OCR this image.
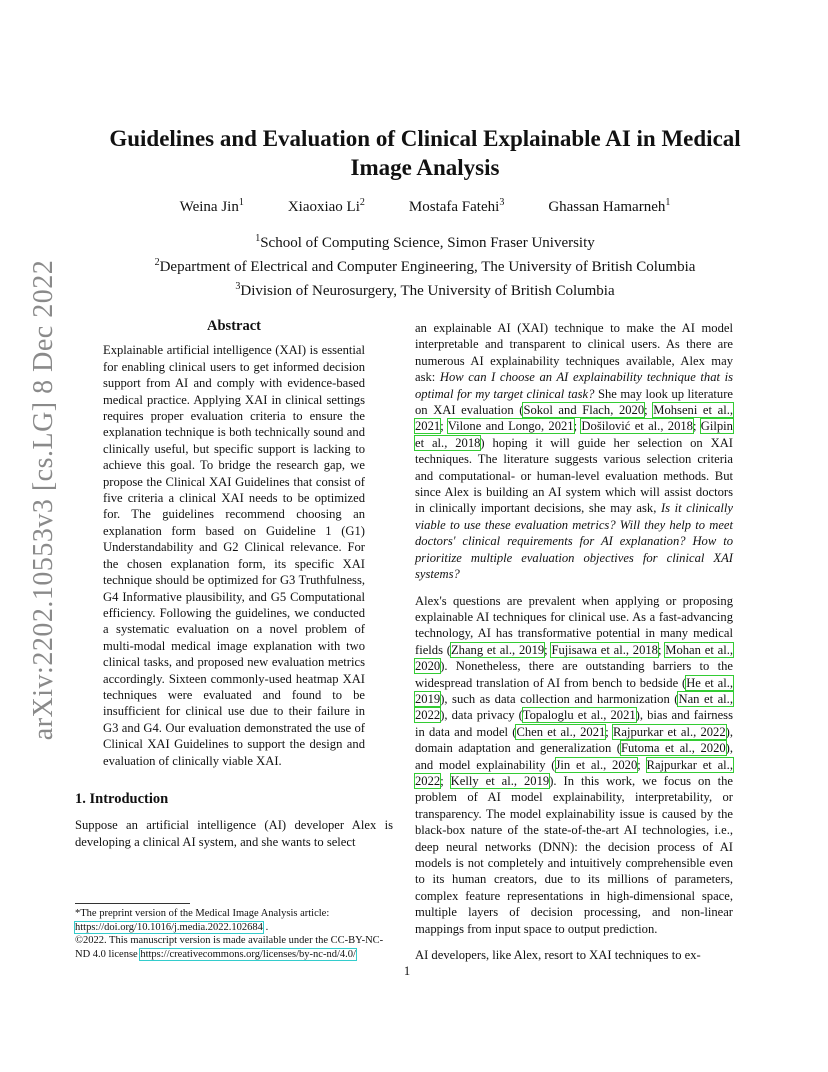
arXiv:2202.10553v3 [cs.LG] 8 Dec 2022
Guidelines and Evaluation of Clinical Explainable AI in Medical Image Analysis
Weina Jin$^1$	Xiaoxiao Li$^2$	Mostafa Fatehi$^3$	Ghassan Hamarneh$^1$
$^1$School of Computing Science, Simon Fraser University
$^2$Department of Electrical and Computer Engineering, The University of British Columbia
$^3$Division of Neurosurgery, The University of British Columbia
Abstract
Explainable artificial intelligence (XAI) is essential for enabling clinical users to get informed decision support from AI and comply with evidence-based medical practice. Applying XAI in clinical settings requires proper evaluation criteria to ensure the explanation technique is both technically sound and clinically useful, but specific support is lacking to achieve this goal. To bridge the research gap, we propose the Clinical XAI Guidelines that consist of five criteria a clinical XAI needs to be optimized for. The guidelines recommend choosing an explanation form based on Guideline 1 (G1) Understandability and G2 Clinical relevance. For the chosen explanation form, its specific XAI technique should be optimized for G3 Truthfulness, G4 Informative plausibility, and G5 Computational efficiency. Following the guidelines, we conducted a systematic evaluation on a novel problem of multi-modal medical image explanation with two clinical tasks, and proposed new evaluation metrics accordingly. Sixteen commonly-used heatmap XAI techniques were evaluated and found to be insufficient for clinical use due to their failure in G3 and G4. Our evaluation demonstrated the use of Clinical XAI Guidelines to support the design and evaluation of clinically viable XAI.
1. Introduction
Suppose an artificial intelligence (AI) developer Alex is developing a clinical AI system, and she wants to select
*The preprint version of the Medical Image Analysis article: https://doi.org/10.1016/j.media.2022.102684 .
©2022. This manuscript version is made available under the CC-BY-NC-ND 4.0 license https://creativecommons.org/licenses/by-nc-nd/4.0/

an explainable AI (XAI) technique to make the AI model interpretable and transparent to clinical users. As there are numerous AI explainability techniques available, Alex may ask: How can I choose an AI explainability technique that is optimal for my target clinical task? She may look up literature on XAI evaluation (Sokol and Flach, 2020; Mohseni et al., 2021; Vilone and Longo, 2021; Došilović et al., 2018; Gilpin et al., 2018) hoping it will guide her selection on XAI techniques. The literature suggests various selection criteria and computational- or human-level evaluation methods. But since Alex is building an AI system which will assist doctors in clinically important decisions, she may ask, Is it clinically viable to use these evaluation metrics? Will they help to meet doctors' clinical requirements for AI explanation? How to prioritize multiple evaluation objectives for clinical XAI systems?

Alex's questions are prevalent when applying or proposing explainable AI techniques for clinical use. As a fast-advancing technology, AI has transformative potential in many medical fields (Zhang et al., 2019; Fujisawa et al., 2018; Mohan et al., 2020). Nonetheless, there are outstanding barriers to the widespread translation of AI from bench to bedside (He et al., 2019), such as data collection and harmonization (Nan et al., 2022), data privacy (Topaloglu et al., 2021), bias and fairness in data and model (Chen et al., 2021; Rajpurkar et al., 2022), domain adaptation and generalization (Futoma et al., 2020), and model explainability (Jin et al., 2020; Rajpurkar et al., 2022; Kelly et al., 2019). In this work, we focus on the problem of AI model explainability, interpretability, or transparency. The model explainability issue is caused by the black-box nature of the state-of-the-art AI technologies, i.e., deep neural networks (DNN): the decision process of AI models is not completely and intuitively comprehensible even to its human creators, due to its millions of parameters, complex feature representations in high-dimensional space, multiple layers of decision processing, and non-linear mappings from input space to output prediction.

AI developers, like Alex, resort to XAI techniques to ex-

1
